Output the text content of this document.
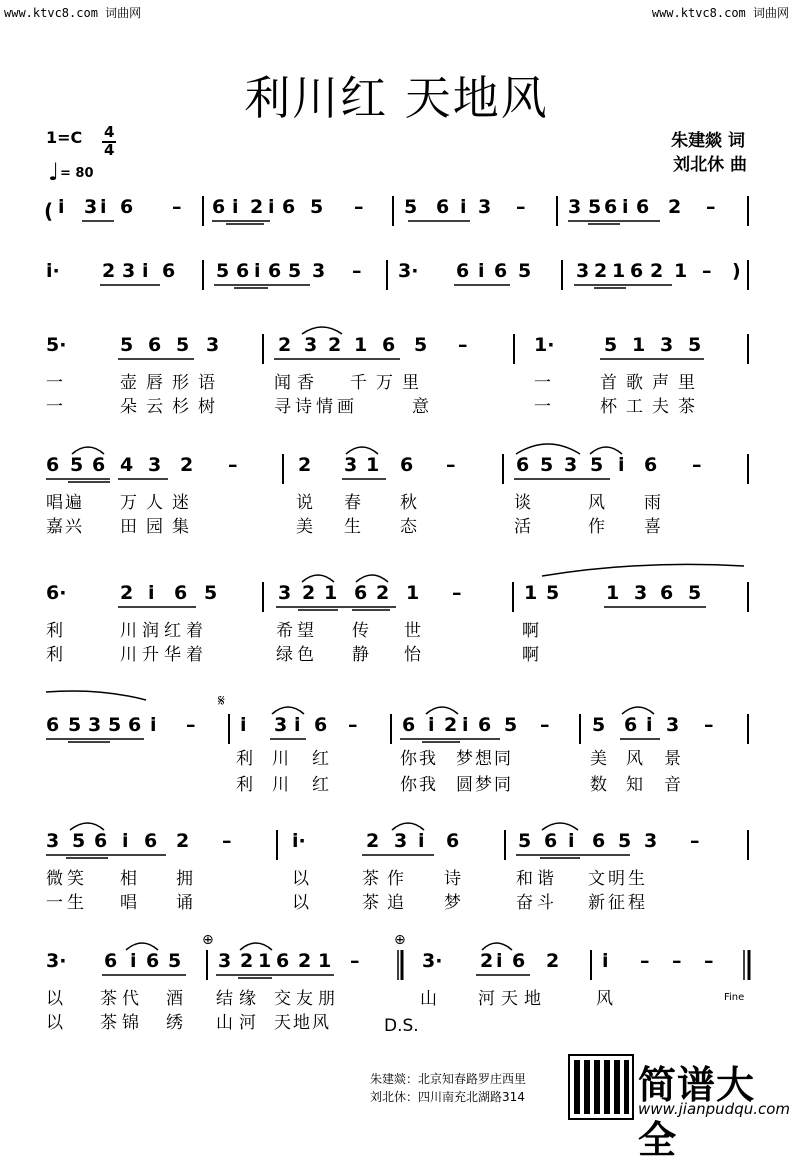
www.ktvc8.com 词曲网	www.ktvc8.com 词曲网
利川红 天地风
朱建燚 词
刘北休 曲
1=C 4
4
♩ = 80
( i 3 i 6 – 6 i 2 i 6 5 – 5 6 i 3 – 3 5 6 i 6 2 –
i· 2 3 i 6 5 6 i 6 5 3 – 3· 6 i 6 5 3 2 1 6 2 1 – )
5·	5 6 5 3	2 3 2 1 6 5 –	1·	5 1 3 5
一	壶唇形语	闻香 千万里	一	首歌声里
一	朵云杉树	寻诗情画	意	一	杯工夫茶
6 5 6 4 3 2 –	2 3 1 6 –	6 5 3 5 i 6 –
唱遍 万人迷	说 春 秋	谈	风 雨
嘉兴 田园集	美 生 态	活	作 喜
6·	2 i 6 5	3 2 1 6 2 1 –	1 5 1 3 6 5
利	川润红着	希望 传 世	啊
利	川升华着	绿色 静 怡	啊
𝄋
6 5 3 5 6 i – i 3 i 6 – 6 i 2 i 6 5 – 5 6 i 3 –
利 川 红	你我 梦想同	美 风 景
利 川 红	你我 圆梦同	数 知 音
3 5 6 i 6 2 –	i·	2 3 i 6	5 6 i 6 5 3 –
微笑 相 拥	以	茶作 诗	和谐 文明生
一生 唱 诵	以	茶追 梦	奋斗 新征程
⊕	⊕
3· 6 i 6 5 3 2 1 6 2 1 –	3· 2 i 6 2 i – – –
以 茶代 酒 结缘 交友朋	山 河天地	风	Fine
以 茶锦 绣 山河 天地风	D.S.
朱建燚：北京知春路罗庄西里
刘北休：四川南充北湖路314	简谱大全
www.jianpudqu.com
